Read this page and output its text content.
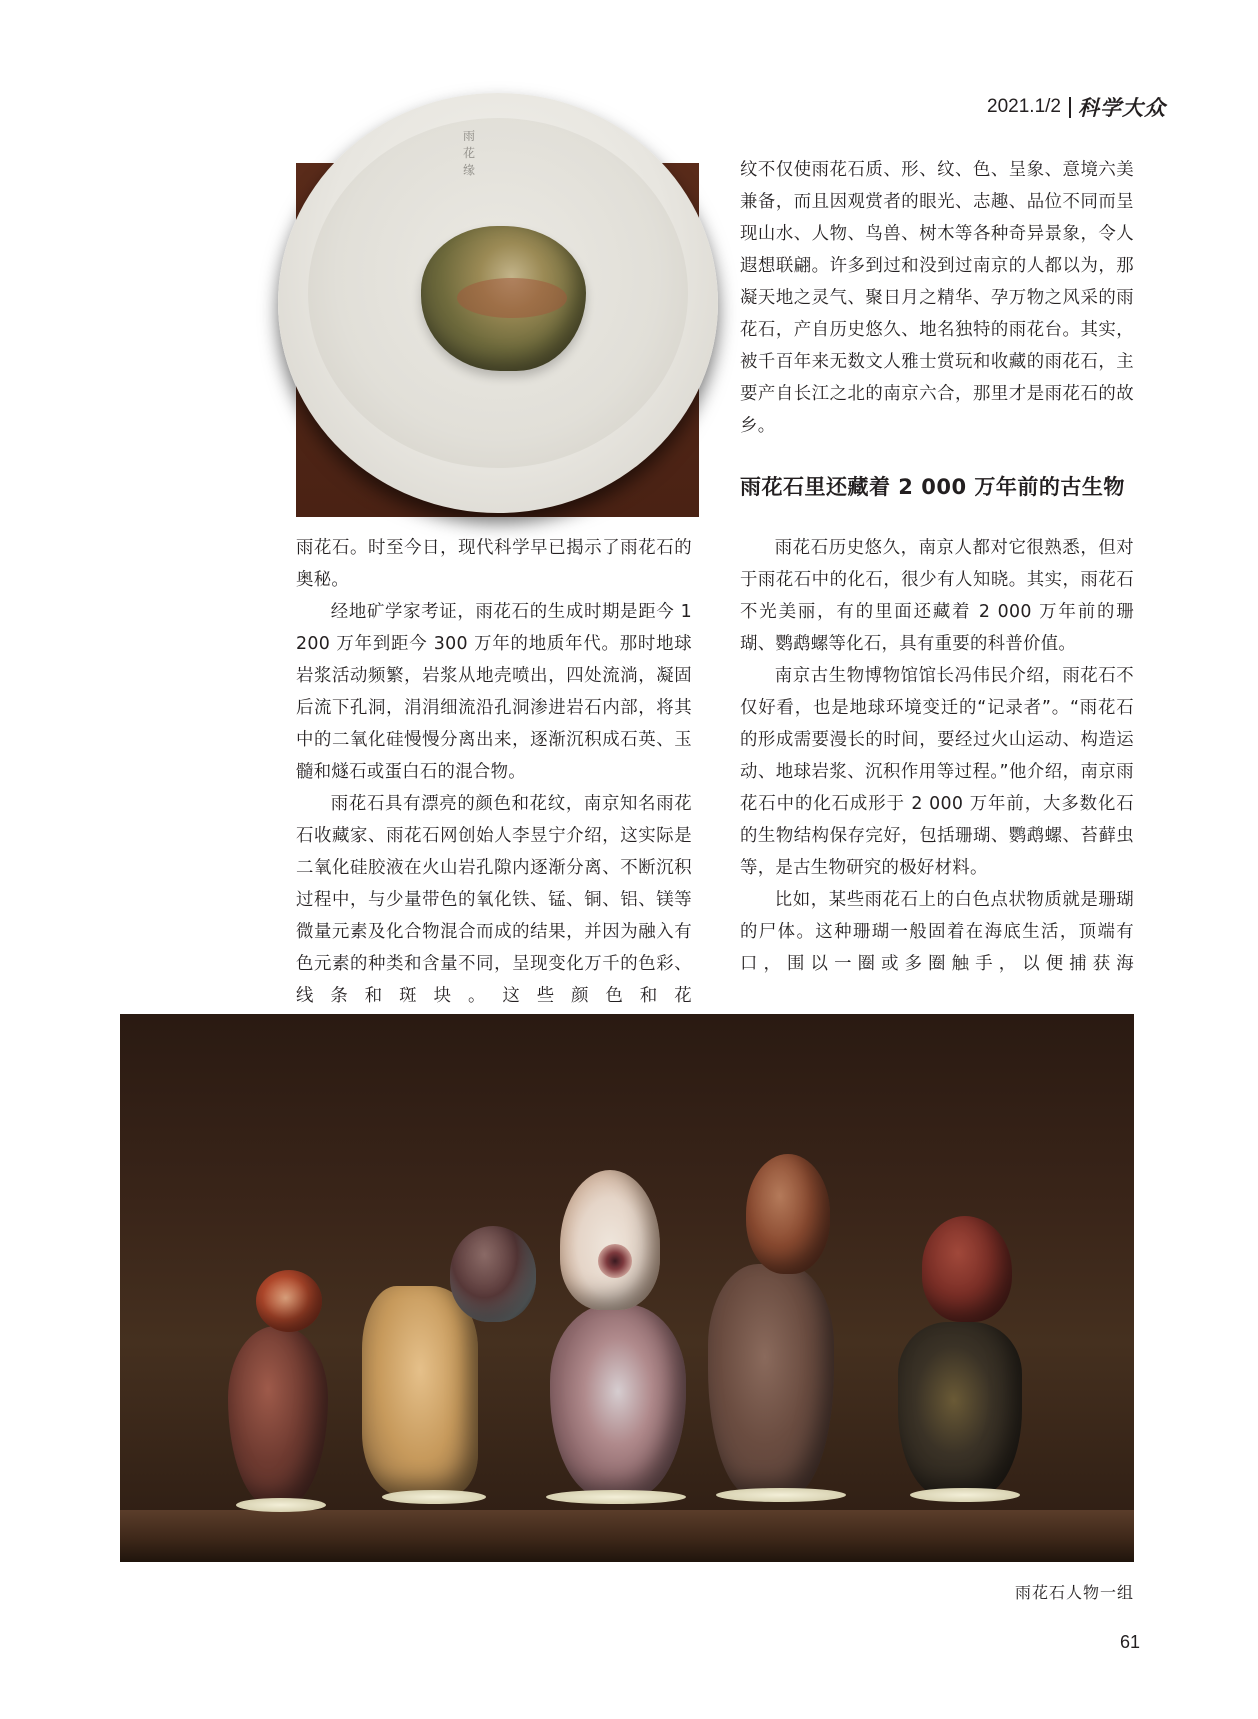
2021.1/2 科学大众
雨花缘

雨花石。时至今日，现代科学早已揭示了雨花石的奥秘。

经地矿学家考证，雨花石的生成时期是距今 1 200 万年到距今 300 万年的地质年代。那时地球岩浆活动频繁，岩浆从地壳喷出，四处流淌，凝固后流下孔洞，涓涓细流沿孔洞渗进岩石内部，将其中的二氧化硅慢慢分离出来，逐渐沉积成石英、玉髓和燧石或蛋白石的混合物。

雨花石具有漂亮的颜色和花纹，南京知名雨花石收藏家、雨花石网创始人李昱宁介绍，这实际是二氧化硅胶液在火山岩孔隙内逐渐分离、不断沉积过程中，与少量带色的氧化铁、锰、铜、铝、镁等微量元素及化合物混合而成的结果，并因为融入有色元素的种类和含量不同，呈现变化万千的色彩、线条和斑块。这些颜色和花

纹不仅使雨花石质、形、纹、色、呈象、意境六美兼备，而且因观赏者的眼光、志趣、品位不同而呈现山水、人物、鸟兽、树木等各种奇异景象，令人遐想联翩。许多到过和没到过南京的人都以为，那凝天地之灵气、聚日月之精华、孕万物之风采的雨花石，产自历史悠久、地名独特的雨花台。其实，被千百年来无数文人雅士赏玩和收藏的雨花石，主要产自长江之北的南京六合，那里才是雨花石的故乡。

雨花石里还藏着 2 000 万年前的古生物

雨花石历史悠久，南京人都对它很熟悉，但对于雨花石中的化石，很少有人知晓。其实，雨花石不光美丽，有的里面还藏着 2 000 万年前的珊瑚、鹦鹉螺等化石，具有重要的科普价值。

南京古生物博物馆馆长冯伟民介绍，雨花石不仅好看，也是地球环境变迁的“记录者”。“雨花石的形成需要漫长的时间，要经过火山运动、构造运动、地球岩浆、沉积作用等过程。”他介绍，南京雨花石中的化石成形于 2 000 万年前，大多数化石的生物结构保存完好，包括珊瑚、鹦鹉螺、苔藓虫等，是古生物研究的极好材料。

比如，某些雨花石上的白色点状物质就是珊瑚的尸体。这种珊瑚一般固着在海底生活，顶端有口，围以一圈或多圈触手，以便捕获海

雨花石人物一组

61
